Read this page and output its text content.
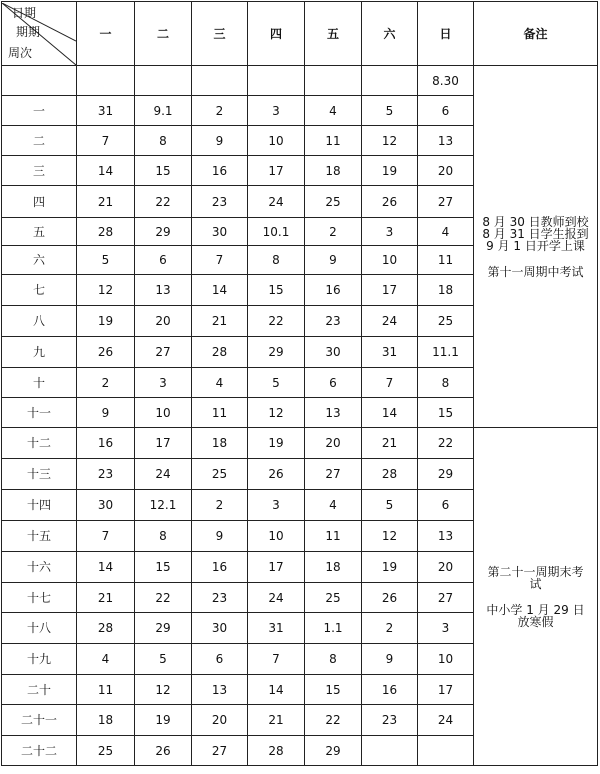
日期
期期
周次	一	二	三	四	五	六	日	备注
							8.30	8 月 30 日教师到校

8 月 31 日学生报到

9 月 1 日开学上课

第十一周期中考试

一	31	9.1	2	3	4	5	6	
二	7	8	9	10	11	12	13	
三	14	15	16	17	18	19	20	
四	21	22	23	24	25	26	27	
五	28	29	30	10.1	2	3	4	
六	5	6	7	8	9	10	11	
七	12	13	14	15	16	17	18	
八	19	20	21	22	23	24	25	
九	26	27	28	29	30	31	11.1	
十	2	3	4	5	6	7	8	
十一	9	10	11	12	13	14	15	
十二	16	17	18	19	20	21	22	第二十一周期末考

试

中小学 1 月 29 日

放寒假

十三	23	24	25	26	27	28	29	
十四	30	12.1	2	3	4	5	6	
十五	7	8	9	10	11	12	13	
十六	14	15	16	17	18	19	20	
十七	21	22	23	24	25	26	27	
十八	28	29	30	31	1.1	2	3	
十九	4	5	6	7	8	9	10	
二十	11	12	13	14	15	16	17	
二十一	18	19	20	21	22	23	24	
二十二	25	26	27	28	29			
